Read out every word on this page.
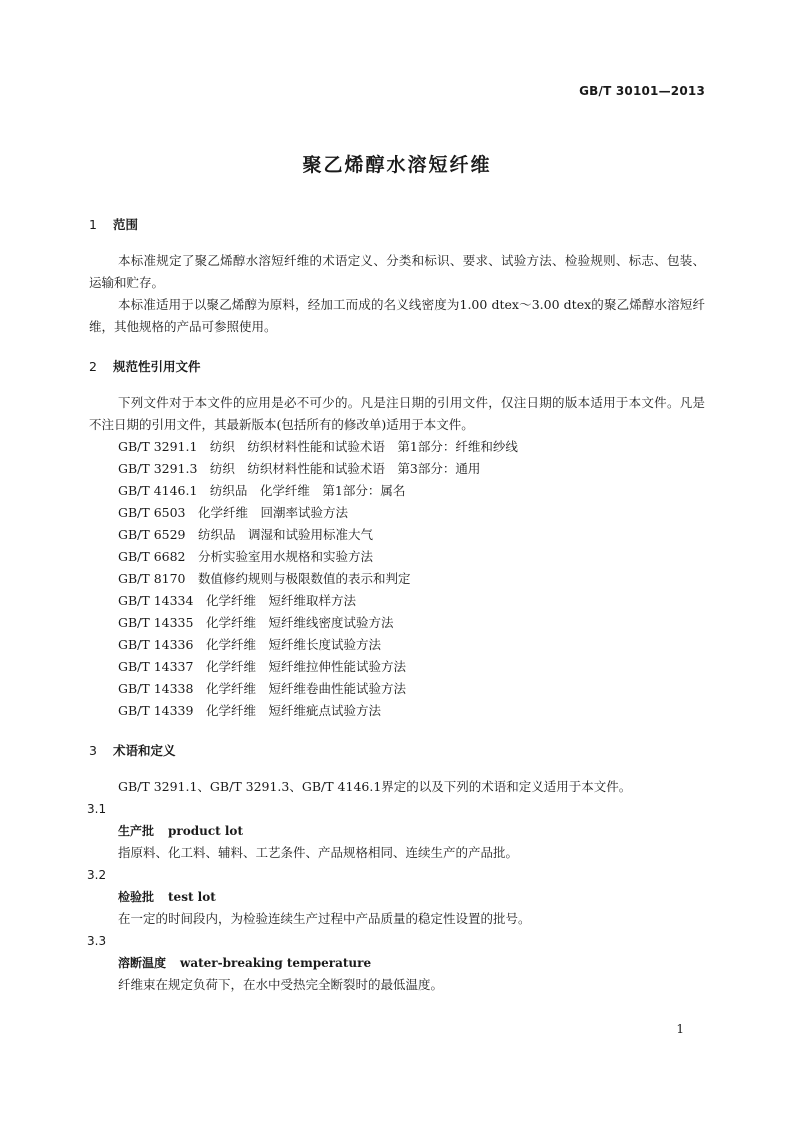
GB/T 30101—2013
聚乙烯醇水溶短纤维
1 范围
本标准规定了聚乙烯醇水溶短纤维的术语定义、分类和标识、要求、试验方法、检验规则、标志、包装、运输和贮存。
本标准适用于以聚乙烯醇为原料，经加工而成的名义线密度为1.00 dtex～3.00 dtex的聚乙烯醇水溶短纤维，其他规格的产品可参照使用。
2 规范性引用文件
下列文件对于本文件的应用是必不可少的。凡是注日期的引用文件，仅注日期的版本适用于本文件。凡是不注日期的引用文件，其最新版本(包括所有的修改单)适用于本文件。
GB/T 3291.1　纺织　纺织材料性能和试验术语　第1部分：纤维和纱线
GB/T 3291.3　纺织　纺织材料性能和试验术语　第3部分：通用
GB/T 4146.1　纺织品　化学纤维　第1部分：属名
GB/T 6503　化学纤维　回潮率试验方法
GB/T 6529　纺织品　调湿和试验用标准大气
GB/T 6682　分析实验室用水规格和实验方法
GB/T 8170　数值修约规则与极限数值的表示和判定
GB/T 14334　化学纤维　短纤维取样方法
GB/T 14335　化学纤维　短纤维线密度试验方法
GB/T 14336　化学纤维　短纤维长度试验方法
GB/T 14337　化学纤维　短纤维拉伸性能试验方法
GB/T 14338　化学纤维　短纤维卷曲性能试验方法
GB/T 14339　化学纤维　短纤维疵点试验方法
3 术语和定义
GB/T 3291.1、GB/T 3291.3、GB/T 4146.1界定的以及下列的术语和定义适用于本文件。
3.1
生产批 product lot
指原料、化工料、辅料、工艺条件、产品规格相同、连续生产的产品批。
3.2
检验批 test lot
在一定的时间段内，为检验连续生产过程中产品质量的稳定性设置的批号。
3.3
溶断温度 water-breaking temperature
纤维束在规定负荷下，在水中受热完全断裂时的最低温度。
1
